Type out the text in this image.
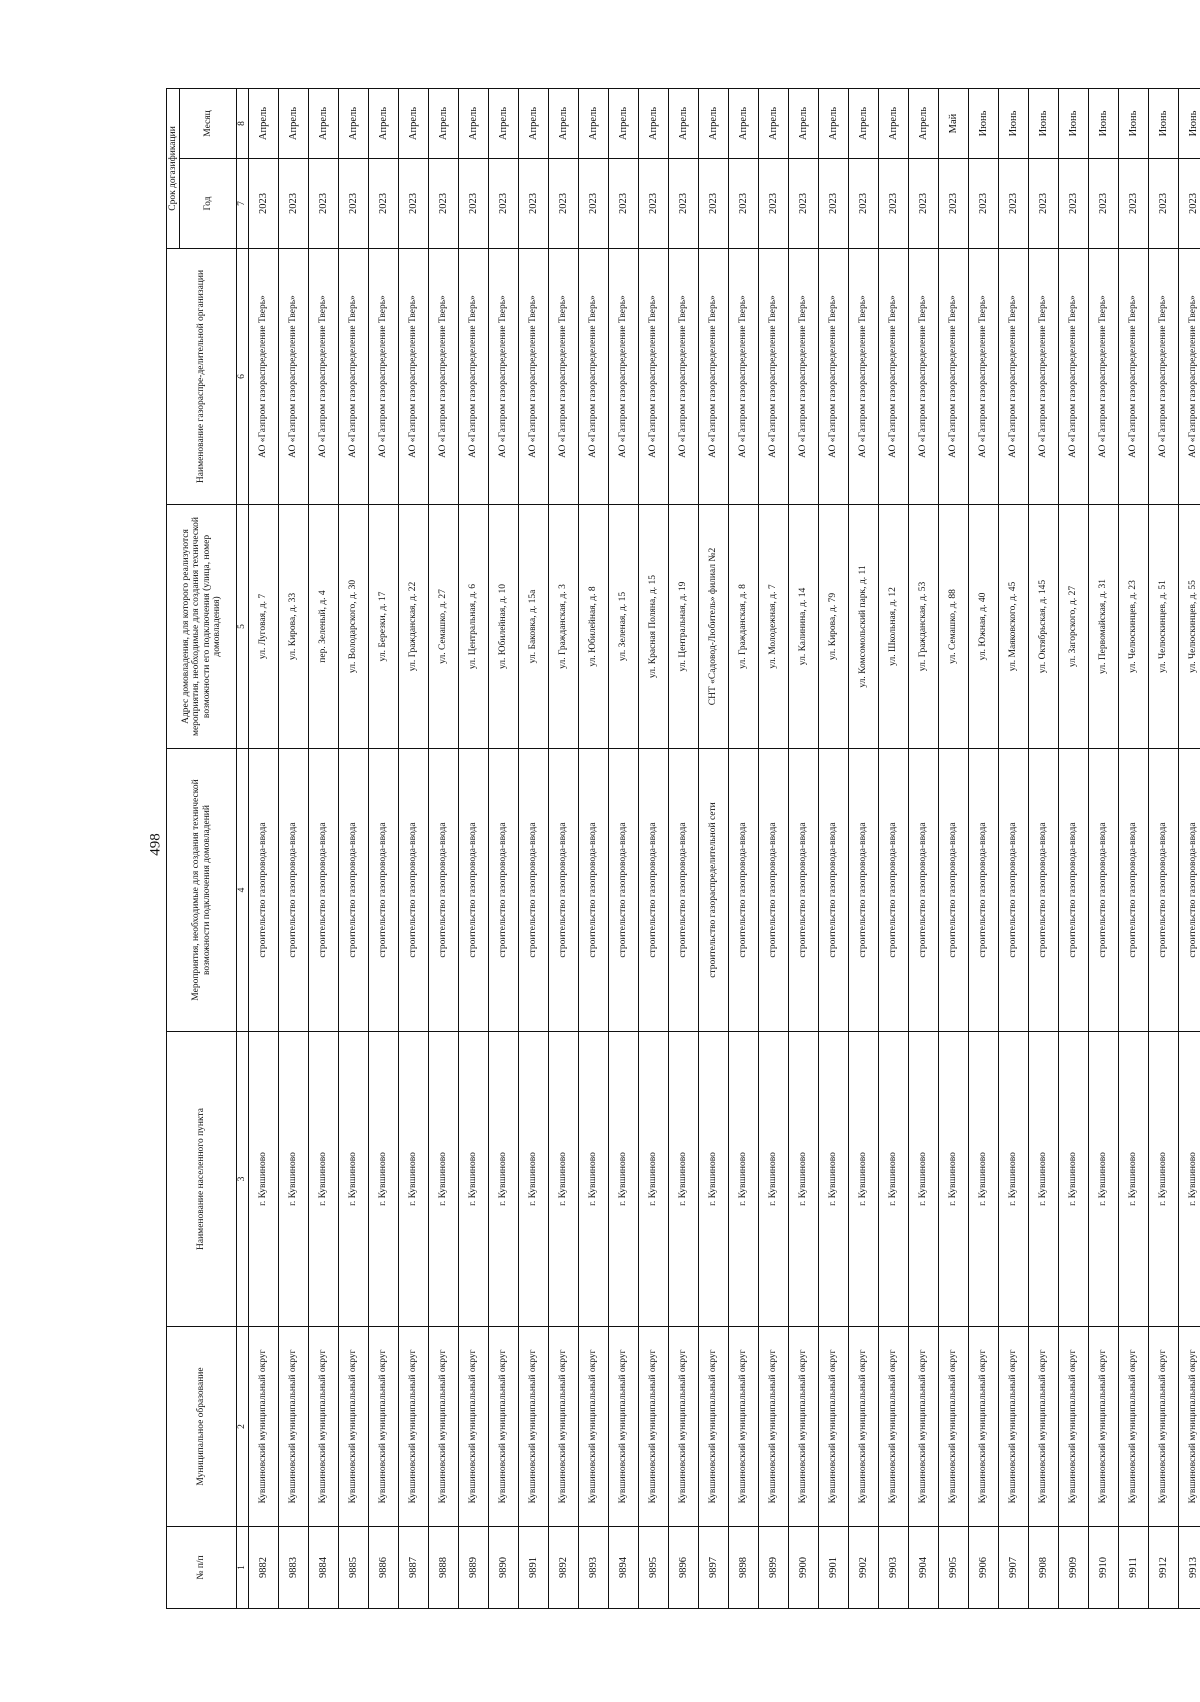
498
№ п/п	Муниципальное образование	Наименование населенного пункта	Мероприятия, необходимые для создания технической возможности подключения домовладений	Адрес домовладения, для которого реализуются мероприятия, необходимые для создания технической возможности его подключения (улица, номер домовладения)	Наименование газораспре-делительной организации	Срок догазификации	
						Год	Месяц
1	2	3	4	5	6	7	8
9882	Кувшиновский муниципальный округ	г. Кувшиново	строительство газопровода-ввода	ул. Луговая, д. 7	АО «Газпром газораспределение Тверь»	2023	Апрель
9883	Кувшиновский муниципальный округ	г. Кувшиново	строительство газопровода-ввода	ул. Кирова, д. 33	АО «Газпром газораспределение Тверь»	2023	Апрель
9884	Кувшиновский муниципальный округ	г. Кувшиново	строительство газопровода-ввода	пер. Зеленый, д. 4	АО «Газпром газораспределение Тверь»	2023	Апрель
9885	Кувшиновский муниципальный округ	г. Кувшиново	строительство газопровода-ввода	ул. Володарского, д. 30	АО «Газпром газораспределение Тверь»	2023	Апрель
9886	Кувшиновский муниципальный округ	г. Кувшиново	строительство газопровода-ввода	ул. Березки, д. 17	АО «Газпром газораспределение Тверь»	2023	Апрель
9887	Кувшиновский муниципальный округ	г. Кувшиново	строительство газопровода-ввода	ул. Гражданская, д. 22	АО «Газпром газораспределение Тверь»	2023	Апрель
9888	Кувшиновский муниципальный округ	г. Кувшиново	строительство газопровода-ввода	ул. Семашко, д. 27	АО «Газпром газораспределение Тверь»	2023	Апрель
9889	Кувшиновский муниципальный округ	г. Кувшиново	строительство газопровода-ввода	ул. Центральная, д. 6	АО «Газпром газораспределение Тверь»	2023	Апрель
9890	Кувшиновский муниципальный округ	г. Кувшиново	строительство газопровода-ввода	ул. Юбилейная, д. 10	АО «Газпром газораспределение Тверь»	2023	Апрель
9891	Кувшиновский муниципальный округ	г. Кувшиново	строительство газопровода-ввода	ул. Баковка, д. 15а	АО «Газпром газораспределение Тверь»	2023	Апрель
9892	Кувшиновский муниципальный округ	г. Кувшиново	строительство газопровода-ввода	ул. Гражданская, д. 3	АО «Газпром газораспределение Тверь»	2023	Апрель
9893	Кувшиновский муниципальный округ	г. Кувшиново	строительство газопровода-ввода	ул. Юбилейная, д. 8	АО «Газпром газораспределение Тверь»	2023	Апрель
9894	Кувшиновский муниципальный округ	г. Кувшиново	строительство газопровода-ввода	ул. Зеленая, д. 15	АО «Газпром газораспределение Тверь»	2023	Апрель
9895	Кувшиновский муниципальный округ	г. Кувшиново	строительство газопровода-ввода	ул. Красная Поляна, д. 15	АО «Газпром газораспределение Тверь»	2023	Апрель
9896	Кувшиновский муниципальный округ	г. Кувшиново	строительство газопровода-ввода	ул. Центральная, д. 19	АО «Газпром газораспределение Тверь»	2023	Апрель
9897	Кувшиновский муниципальный округ	г. Кувшиново	строительство газораспределительной сети	СНТ «Садовод-Любитель» филиал №2	АО «Газпром газораспределение Тверь»	2023	Апрель
9898	Кувшиновский муниципальный округ	г. Кувшиново	строительство газопровода-ввода	ул. Гражданская, д. 8	АО «Газпром газораспределение Тверь»	2023	Апрель
9899	Кувшиновский муниципальный округ	г. Кувшиново	строительство газопровода-ввода	ул. Молодежная, д. 7	АО «Газпром газораспределение Тверь»	2023	Апрель
9900	Кувшиновский муниципальный округ	г. Кувшиново	строительство газопровода-ввода	ул. Калинина, д. 14	АО «Газпром газораспределение Тверь»	2023	Апрель
9901	Кувшиновский муниципальный округ	г. Кувшиново	строительство газопровода-ввода	ул. Кирова, д. 79	АО «Газпром газораспределение Тверь»	2023	Апрель
9902	Кувшиновский муниципальный округ	г. Кувшиново	строительство газопровода-ввода	ул. Комсомольский парк, д. 11	АО «Газпром газораспределение Тверь»	2023	Апрель
9903	Кувшиновский муниципальный округ	г. Кувшиново	строительство газопровода-ввода	ул. Школьная, д. 12	АО «Газпром газораспределение Тверь»	2023	Апрель
9904	Кувшиновский муниципальный округ	г. Кувшиново	строительство газопровода-ввода	ул. Гражданская, д. 53	АО «Газпром газораспределение Тверь»	2023	Апрель
9905	Кувшиновский муниципальный округ	г. Кувшиново	строительство газопровода-ввода	ул. Семашко, д. 88	АО «Газпром газораспределение Тверь»	2023	Май
9906	Кувшиновский муниципальный округ	г. Кувшиново	строительство газопровода-ввода	ул. Южная, д. 40	АО «Газпром газораспределение Тверь»	2023	Июнь
9907	Кувшиновский муниципальный округ	г. Кувшиново	строительство газопровода-ввода	ул. Маяковского, д. 45	АО «Газпром газораспределение Тверь»	2023	Июнь
9908	Кувшиновский муниципальный округ	г. Кувшиново	строительство газопровода-ввода	ул. Октябрьская, д. 145	АО «Газпром газораспределение Тверь»	2023	Июнь
9909	Кувшиновский муниципальный округ	г. Кувшиново	строительство газопровода-ввода	ул. Загорского, д. 27	АО «Газпром газораспределение Тверь»	2023	Июнь
9910	Кувшиновский муниципальный округ	г. Кувшиново	строительство газопровода-ввода	ул. Первомайская, д. 31	АО «Газпром газораспределение Тверь»	2023	Июнь
9911	Кувшиновский муниципальный округ	г. Кувшиново	строительство газопровода-ввода	ул. Челюскинцев, д. 23	АО «Газпром газораспределение Тверь»	2023	Июнь
9912	Кувшиновский муниципальный округ	г. Кувшиново	строительство газопровода-ввода	ул. Челюскинцев, д. 51	АО «Газпром газораспределение Тверь»	2023	Июнь
9913	Кувшиновский муниципальный округ	г. Кувшиново	строительство газопровода-ввода	ул. Челюскинцев, д. 55	АО «Газпром газораспределение Тверь»	2023	Июнь
